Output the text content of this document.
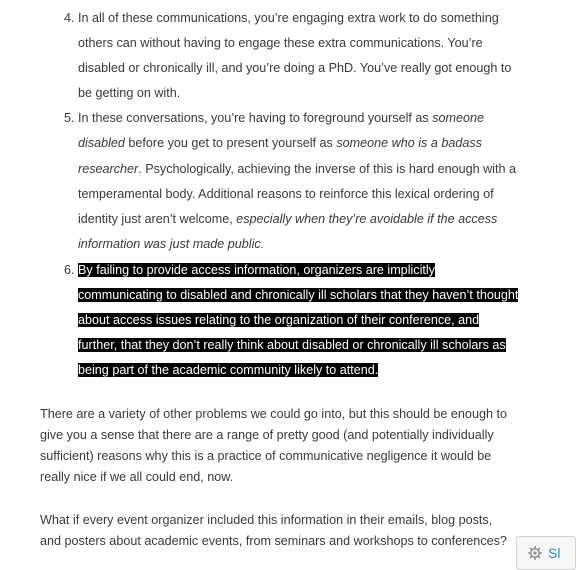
4. In all of these communications, you’re engaging extra work to do something others can without having to engage these extra communications. You’re disabled or chronically ill, and you’re doing a PhD. You’ve really got enough to be getting on with.
5. In these conversations, you’re having to foreground yourself as someone disabled before you get to present yourself as someone who is a badass researcher. Psychologically, achieving the inverse of this is hard enough with a temperamental body. Additional reasons to reinforce this lexical ordering of identity just aren’t welcome, especially when they’re avoidable if the access information was just made public.
6. By failing to provide access information, organizers are implicitly communicating to disabled and chronically ill scholars that they haven’t thought about access issues relating to the organization of their conference, and further, that they don’t really think about disabled or chronically ill scholars as being part of the academic community likely to attend.

There are a variety of other problems we could go into, but this should be enough to give you a sense that there are a range of pretty good (and potentially individually sufficient) reasons why this is a practice of communicative negligence it would be really nice if we all could end, now.

What if every event organizer included this information in their emails, blog posts, and posters about academic events, from seminars and workshops to conferences?

Sl
